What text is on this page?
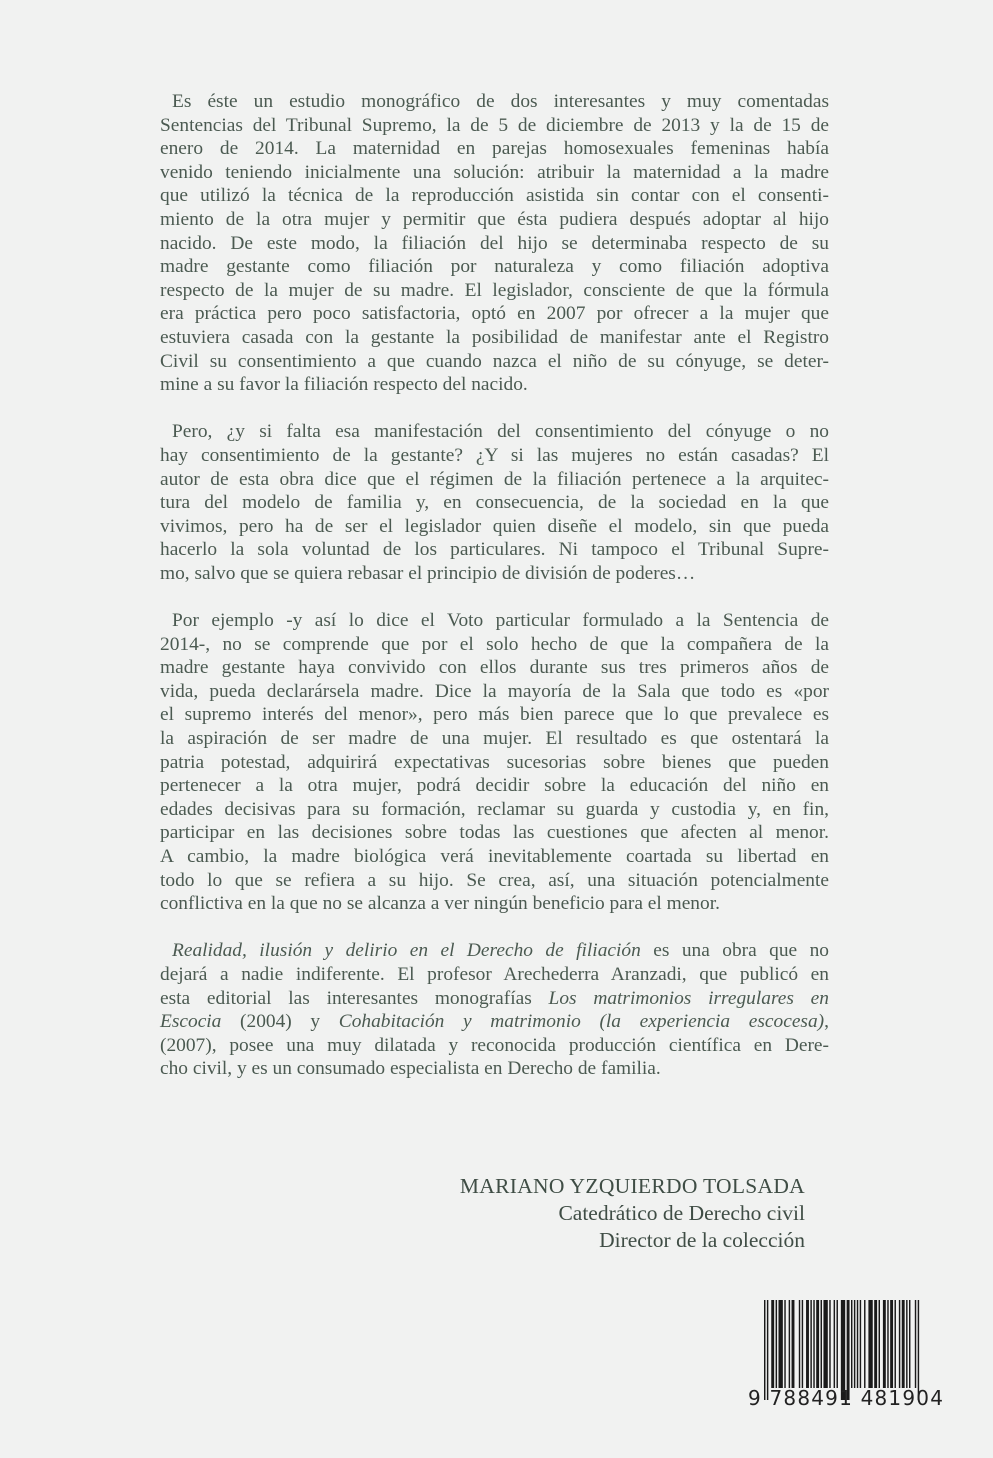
Es éste un estudio monográfico de dos interesantes y muy comentadas
Sentencias del Tribunal Supremo, la de 5 de diciembre de 2013 y la de 15 de
enero de 2014. La maternidad en parejas homosexuales femeninas había
venido teniendo inicialmente una solución: atribuir la maternidad a la madre
que utilizó la técnica de la reproducción asistida sin contar con el consenti-
miento de la otra mujer y permitir que ésta pudiera después adoptar al hijo
nacido. De este modo, la filiación del hijo se determinaba respecto de su
madre gestante como filiación por naturaleza y como filiación adoptiva
respecto de la mujer de su madre. El legislador, consciente de que la fórmula
era práctica pero poco satisfactoria, optó en 2007 por ofrecer a la mujer que
estuviera casada con la gestante la posibilidad de manifestar ante el Registro
Civil su consentimiento a que cuando nazca el niño de su cónyuge, se deter-
mine a su favor la filiación respecto del nacido.
Pero, ¿y si falta esa manifestación del consentimiento del cónyuge o no
hay consentimiento de la gestante? ¿Y si las mujeres no están casadas? El
autor de esta obra dice que el régimen de la filiación pertenece a la arquitec-
tura del modelo de familia y, en consecuencia, de la sociedad en la que
vivimos, pero ha de ser el legislador quien diseñe el modelo, sin que pueda
hacerlo la sola voluntad de los particulares. Ni tampoco el Tribunal Supre-
mo, salvo que se quiera rebasar el principio de división de poderes…
Por ejemplo -y así lo dice el Voto particular formulado a la Sentencia de
2014-, no se comprende que por el solo hecho de que la compañera de la
madre gestante haya convivido con ellos durante sus tres primeros años de
vida, pueda declarársela madre. Dice la mayoría de la Sala que todo es «por
el supremo interés del menor», pero más bien parece que lo que prevalece es
la aspiración de ser madre de una mujer. El resultado es que ostentará la
patria potestad, adquirirá expectativas sucesorias sobre bienes que pueden
pertenecer a la otra mujer, podrá decidir sobre la educación del niño en
edades decisivas para su formación, reclamar su guarda y custodia y, en fin,
participar en las decisiones sobre todas las cuestiones que afecten al menor.
A cambio, la madre biológica verá inevitablemente coartada su libertad en
todo lo que se refiera a su hijo. Se crea, así, una situación potencialmente
conflictiva en la que no se alcanza a ver ningún beneficio para el menor.
Realidad, ilusión y delirio en el Derecho de filiación es una obra que no
dejará a nadie indiferente. El profesor Arechederra Aranzadi, que publicó en
esta editorial las interesantes monografías Los matrimonios irregulares en
Escocia (2004) y Cohabitación y matrimonio (la experiencia escocesa),
(2007), posee una muy dilatada y reconocida producción científica en Dere-
cho civil, y es un consumado especialista en Derecho de familia.
MARIANO YZQUIERDO TOLSADA
Catedrático de Derecho civil
Director de la colección
9 788491 481904
